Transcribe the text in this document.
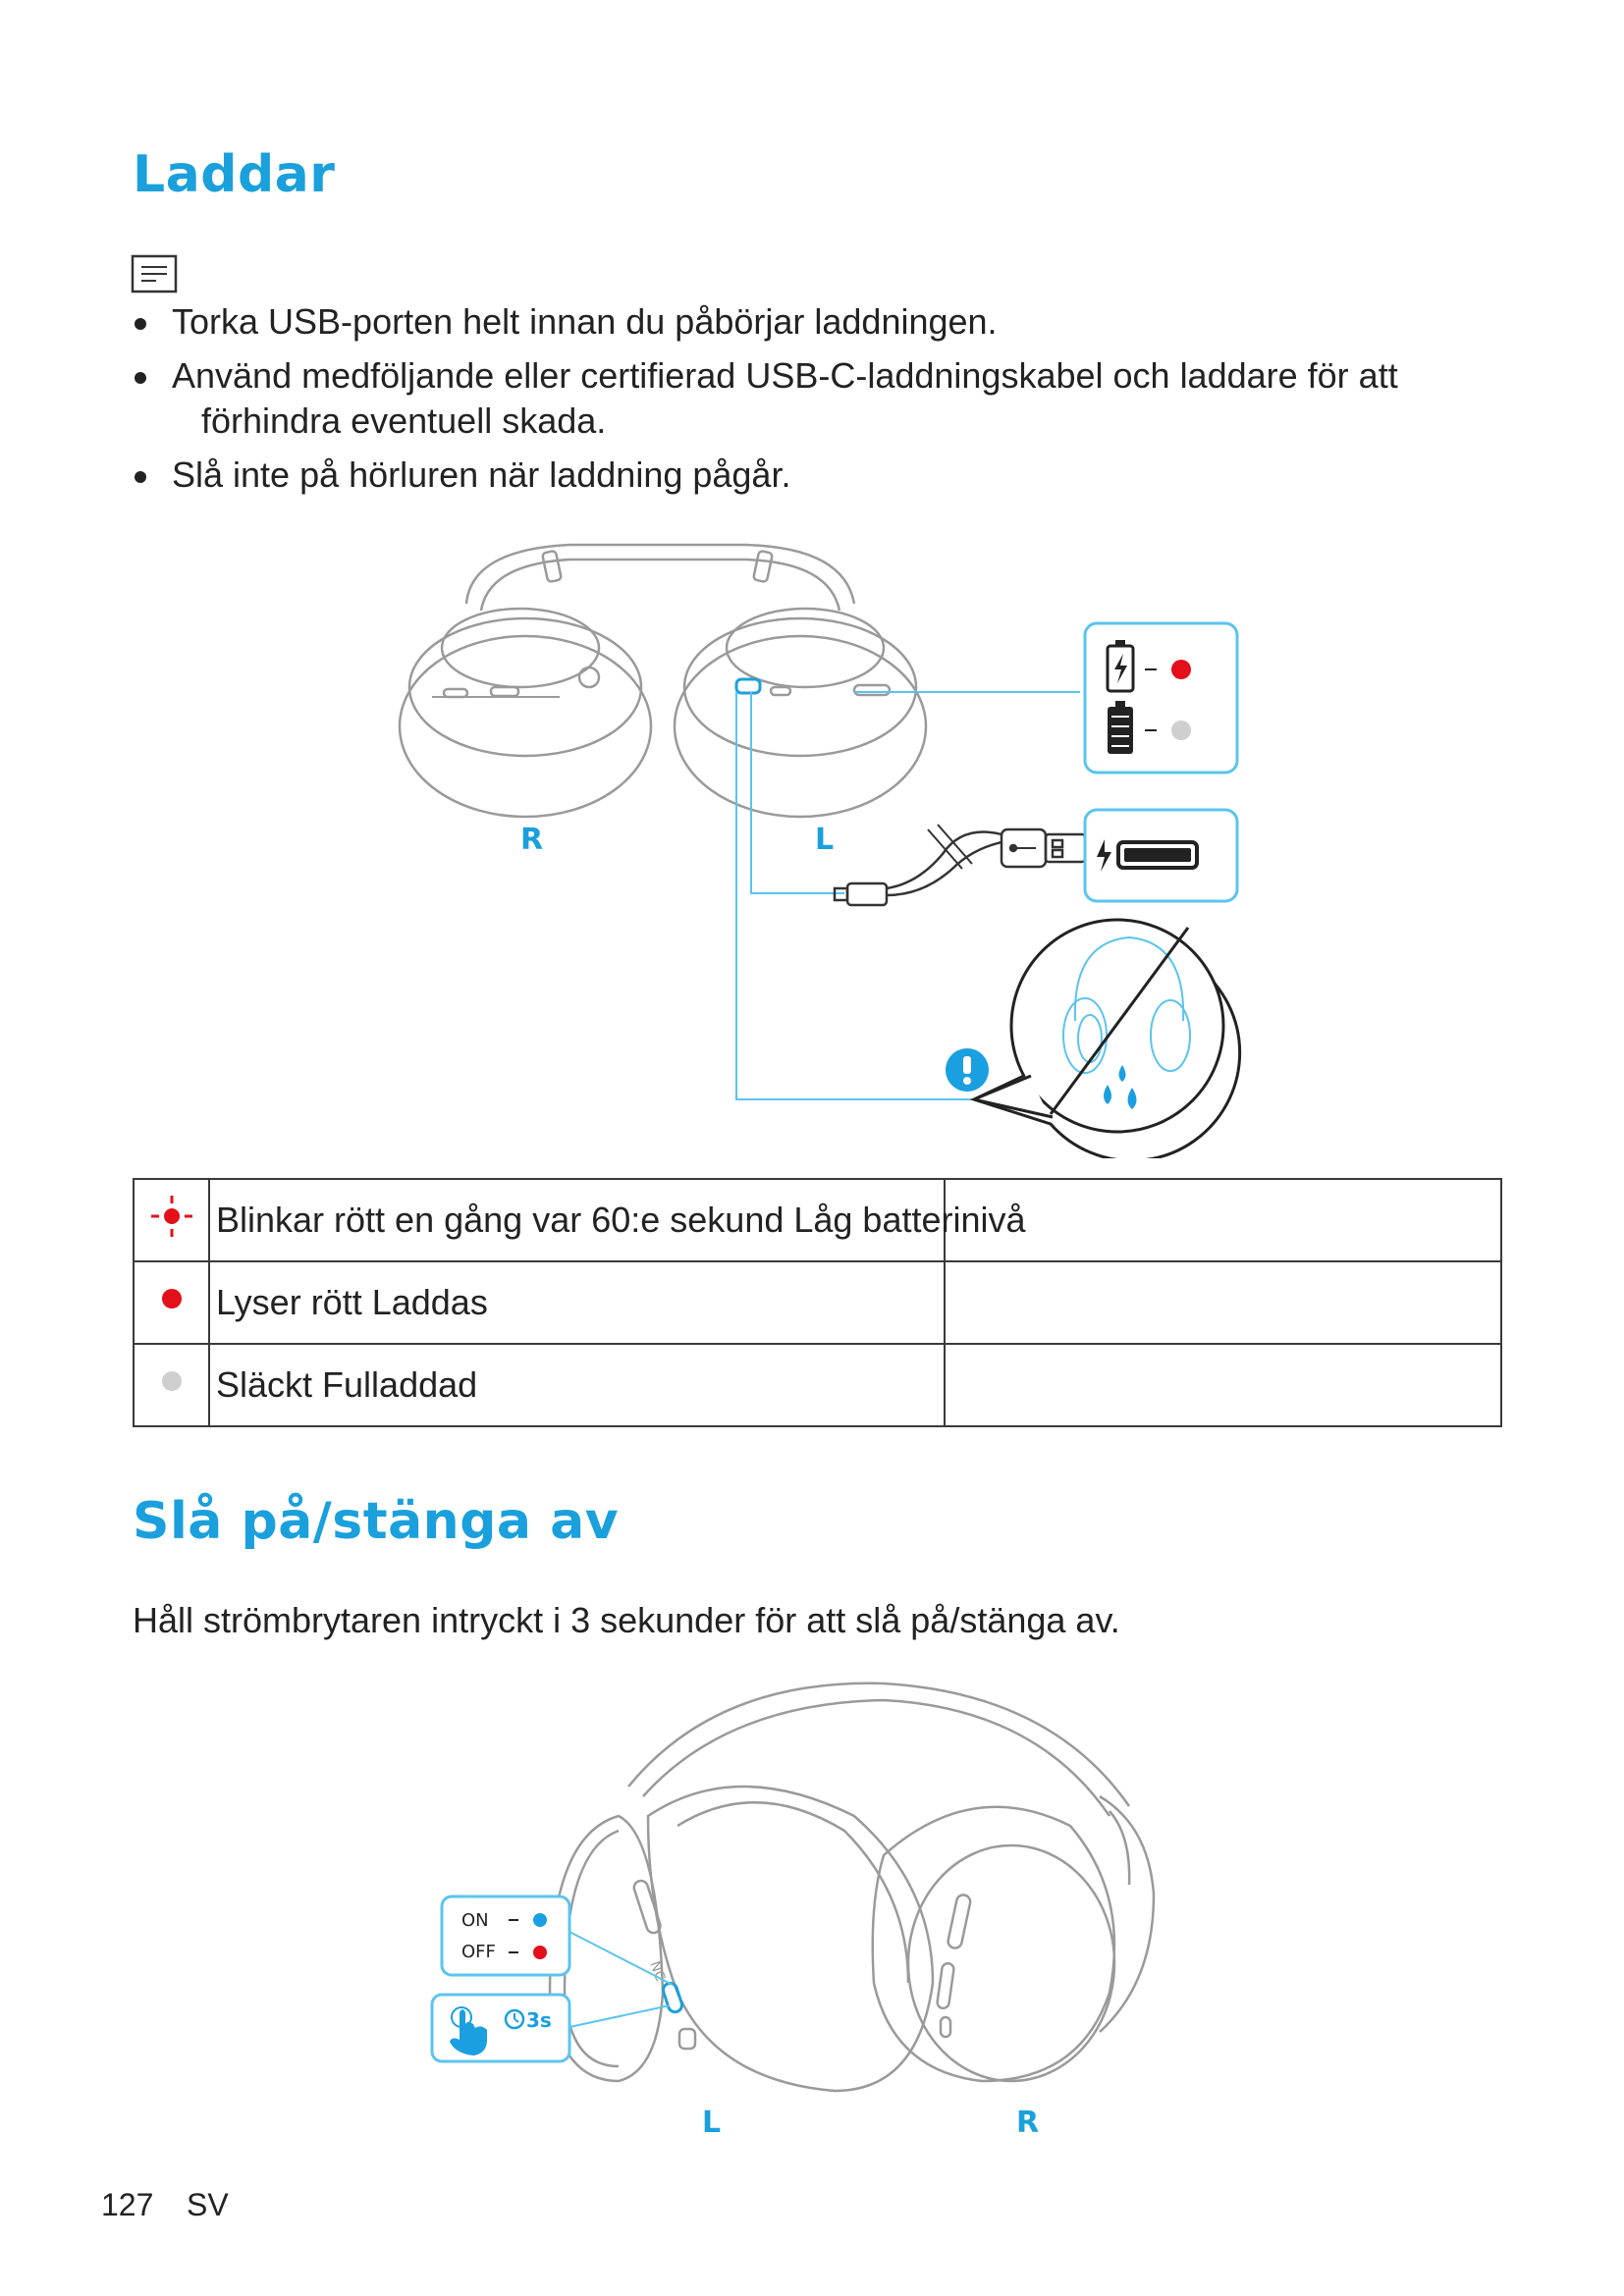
Laddar
Torka USB-porten helt innan du påbörjar laddningen.
Använd medföljande eller certifierad USB-C-laddningskabel och laddare för att
förhindra eventuell skada.
Slå inte på hörluren när laddning pågår.
R	L
	Blinkar rött en gång var 60:e sekund Låg batterinivå	
	Lyser rött Laddas	
	Släckt Fulladdad	
Slå på/stänga av
Håll strömbrytaren intryckt i 3 sekunder för att slå på/stänga av.
NC
ON
OFF
3s
L	R
127 SV
